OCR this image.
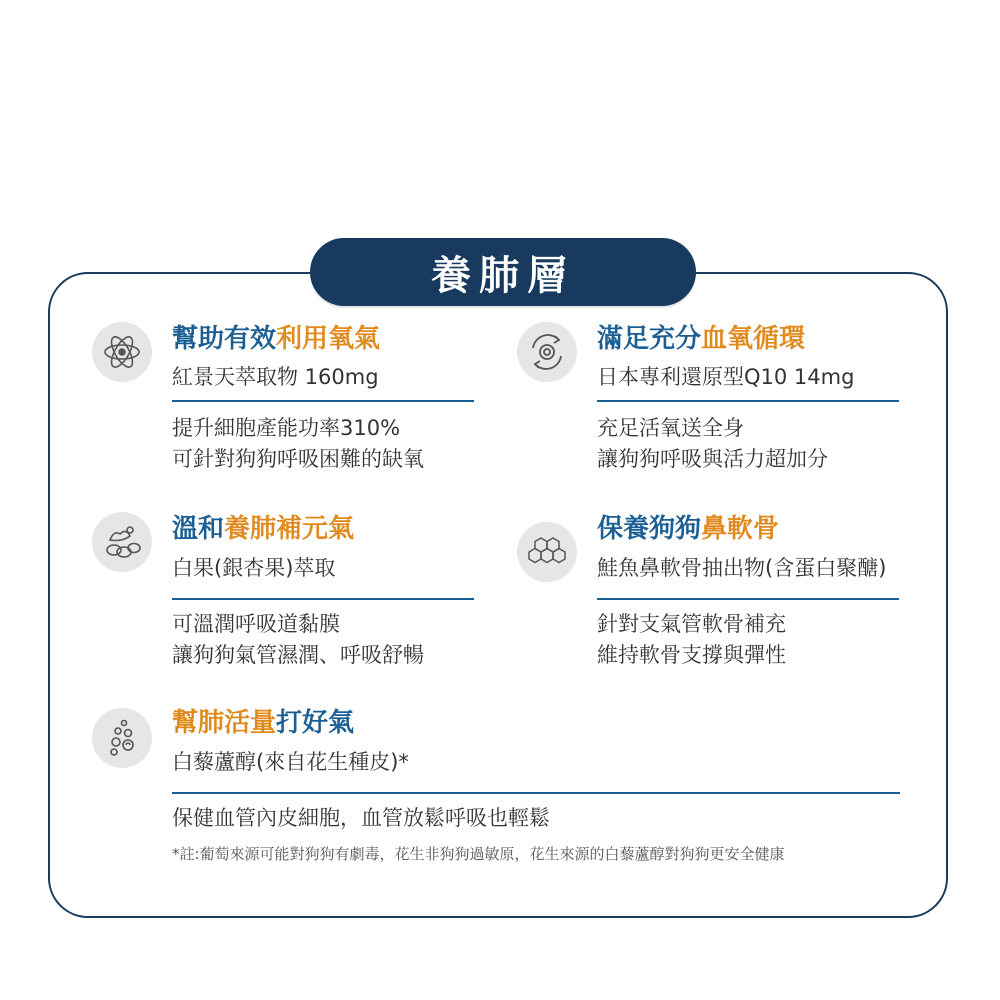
養肺層
幫助有效利用氧氣
紅景天萃取物 160mg
提升細胞產能功率310%
可針對狗狗呼吸困難的缺氧
滿足充分血氧循環
日本專利還原型Q10 14mg
充足活氧送全身
讓狗狗呼吸與活力超加分
溫和養肺補元氣
白果(銀杏果)萃取
可溫潤呼吸道黏膜
讓狗狗氣管濕潤、呼吸舒暢
保養狗狗鼻軟骨
鮭魚鼻軟骨抽出物(含蛋白聚醣)
針對支氣管軟骨補充
維持軟骨支撐與彈性
幫肺活量打好氣
白藜蘆醇(來自花生種皮)*
保健血管內皮細胞，血管放鬆呼吸也輕鬆
*註:葡萄來源可能對狗狗有劇毒，花生非狗狗過敏原，花生來源的白藜蘆醇對狗狗更安全健康
